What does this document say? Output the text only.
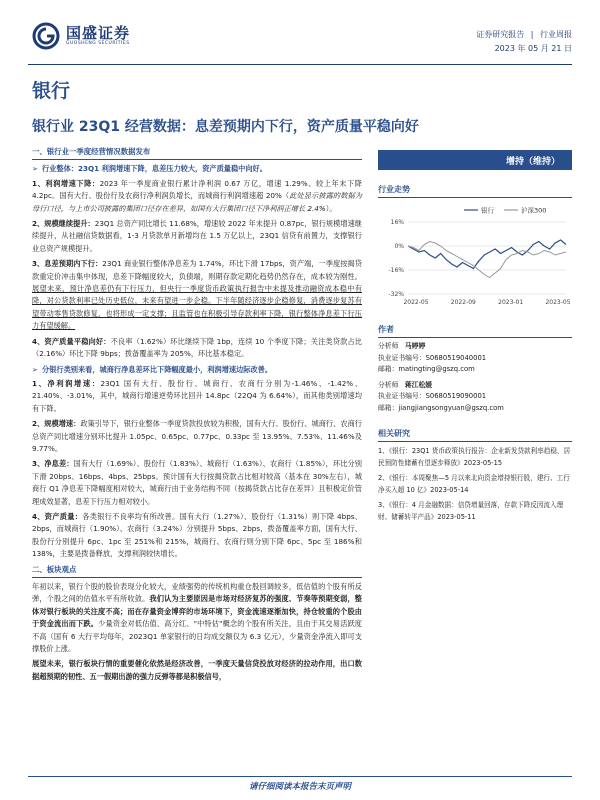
国盛证券
GUOSHENG SECURITIES
证券研究报告 | 行业周报
2023 年 05 月 21 日
银行
银行业 23Q1 经营数据：息差预期内下行，资产质量平稳向好
一、银行业一季度经营情况数据发布
➢ 行业整体：23Q1 利润增速下降，息差压力较大，资产质量稳中向好。

1、利润增速下降：2023 年一季度商业银行累计净利润 0.67 万亿，增速 1.29%、较上年末下降 4.2pc。国有大行、股份行及农商行净利润负增长，而城商行利润增速超 20%（此处显示披露的数据为母行口径，与上市公司披露的集团口径存在差异，如国有大行集团口径下净利润正增长 2.4%）。

2、规模继续提升：23Q1 总资产同比增长 11.68%，增速较 2022 年末提升 0.87pc，银行规模增速继续提升，从社融信贷数据看，1-3 月贷款单月新增均在 1.5 万亿以上，23Q1 信贷有前置力，支撑银行业总资产规模提升。

3、息差预期内下行：23Q1 商业银行整体净息差为 1.74%，环比下滑 17bps，资产端，一季度按揭贷款重定价冲击集中体现，息差下降幅度较大，负债端，则期存款定期化趋势仍然存在，成本较为刚性。展望未来，预计净息差仍有下行压力，但央行一季度货币政策执行报告中未提及推动融资成本稳中有降，对公贷款利率已处历史低位，未来有望进一步企稳。下半年随经济逐步企稳修复，消费逐步复苏有望带动零售贷款修复，也将形成一定支撑；且监管也在积极引导存款利率下降，银行整体净息差下行压力有望缓解。

4、资产质量平稳向好：不良率（1.62%）环比继续下降 1bp，连续 10 个季度下降；关注类贷款占比（2.16%）环比下降 9bps；拨备覆盖率为 205%，环比基本稳定。

➢ 分银行类别来看，城商行净息差环比下降幅度最小，利润增速边际改善。

1、净利润增速：23Q1 国有大行、股份行、城商行、农商行分别为-1.46%、-1.42%、21.40%、-3.01%，其中，城商行增速逆势环比回升 14.8pc（22Q4 为 6.64%），而其他类别增速均有下降。

2、规模增速：政策引导下，银行业整体一季度贷款投放较为积极，国有大行、股份行、城商行、农商行总资产同比增速分别环比提升 1.05pc、0.65pc、0.77pc、0.33pc 至 13.95%、7.53%、11.46%及 9.77%。

3、净息差：国有大行（1.69%）、股份行（1.83%）、城商行（1.63%）、农商行（1.85%），环比分别下滑 20bps、16bps、4bps、25bps。预计国有大行按揭贷款占比相对较高（基本在 30%左右），城商行 Q1 净息差下降幅度相对较大，城商行由于业务结构不同（按揭贷款占比存在差异）且积极定价管理成效显著，息差下行压力相对较小。

4、资产质量：各类银行不良率均有所改善。国有大行（1.27%）、股份行（1.31%）则下降 4bps、2bps，而城商行（1.90%）、农商行（3.24%）分别提升 5bps、2bps，拨备覆盖率方面，国有大行、股份行分别提升 6pc、1pc 至 251%和 215%，城商行、农商行则分别下降 6pc、5pc 至 186%和 138%，主要是拨备释放，支撑利润较快增长。

二、板块观点

年初以来，银行个股的股价表现分化较大，业绩强势的传统机构重仓股回调较多，低估值的个股有所反弹，个股之间的估值水平有所收敛。我们认为主要原因是市场对经济复苏的强度、节奏等预期变弱，整体对银行板块的关注度不高；而在存量资金博弈的市场环境下，资金流速逐渐加快，持仓较重的个股由于资金流出而下跌。少量资金对低估值、高分红、"中特估"概念的个股有所关注，且由于其交易活跃度不高（国有 6 大行平均每年，2023Q1 单家银行的日均成交额仅为 6.3 亿元），少量资金净流入即可支撑股价上涨。

展望未来，银行板块行情的重要催化依然是经济改善，一季度天量信贷投放对经济的拉动作用，出口数据超预期的韧性、五一假期出游的强力反弹等都是积极信号，

增持（维持）
行业走势
16%
0%
-16%
-32%
2022-05	2022-09	2023-01	2023-05
银行	沪深300
作者
分析师 马婷婷
执业证书编号：S0680519040001
邮箱：matingting@gszq.com
分析师 蒋江松媛
执业证书编号：S0680519090001
邮箱：jiangjiangsongyuan@gszq.com
相关研究
1、《银行：23Q1 货币政策执行报告：企业新发贷款利率趋稳，居民预防性储蓄有望逐步释放》2023-05-15
2、《银行：本周聚焦—5 月以来北向资金增持银行股，建行、工行净买入超 10 亿》2023-05-14
3、《银行：4 月金融数据：信贷增量回落，存款下降反因流入理财、储蓄转平产品》2023-05-11
请仔细阅读本报告末页声明
